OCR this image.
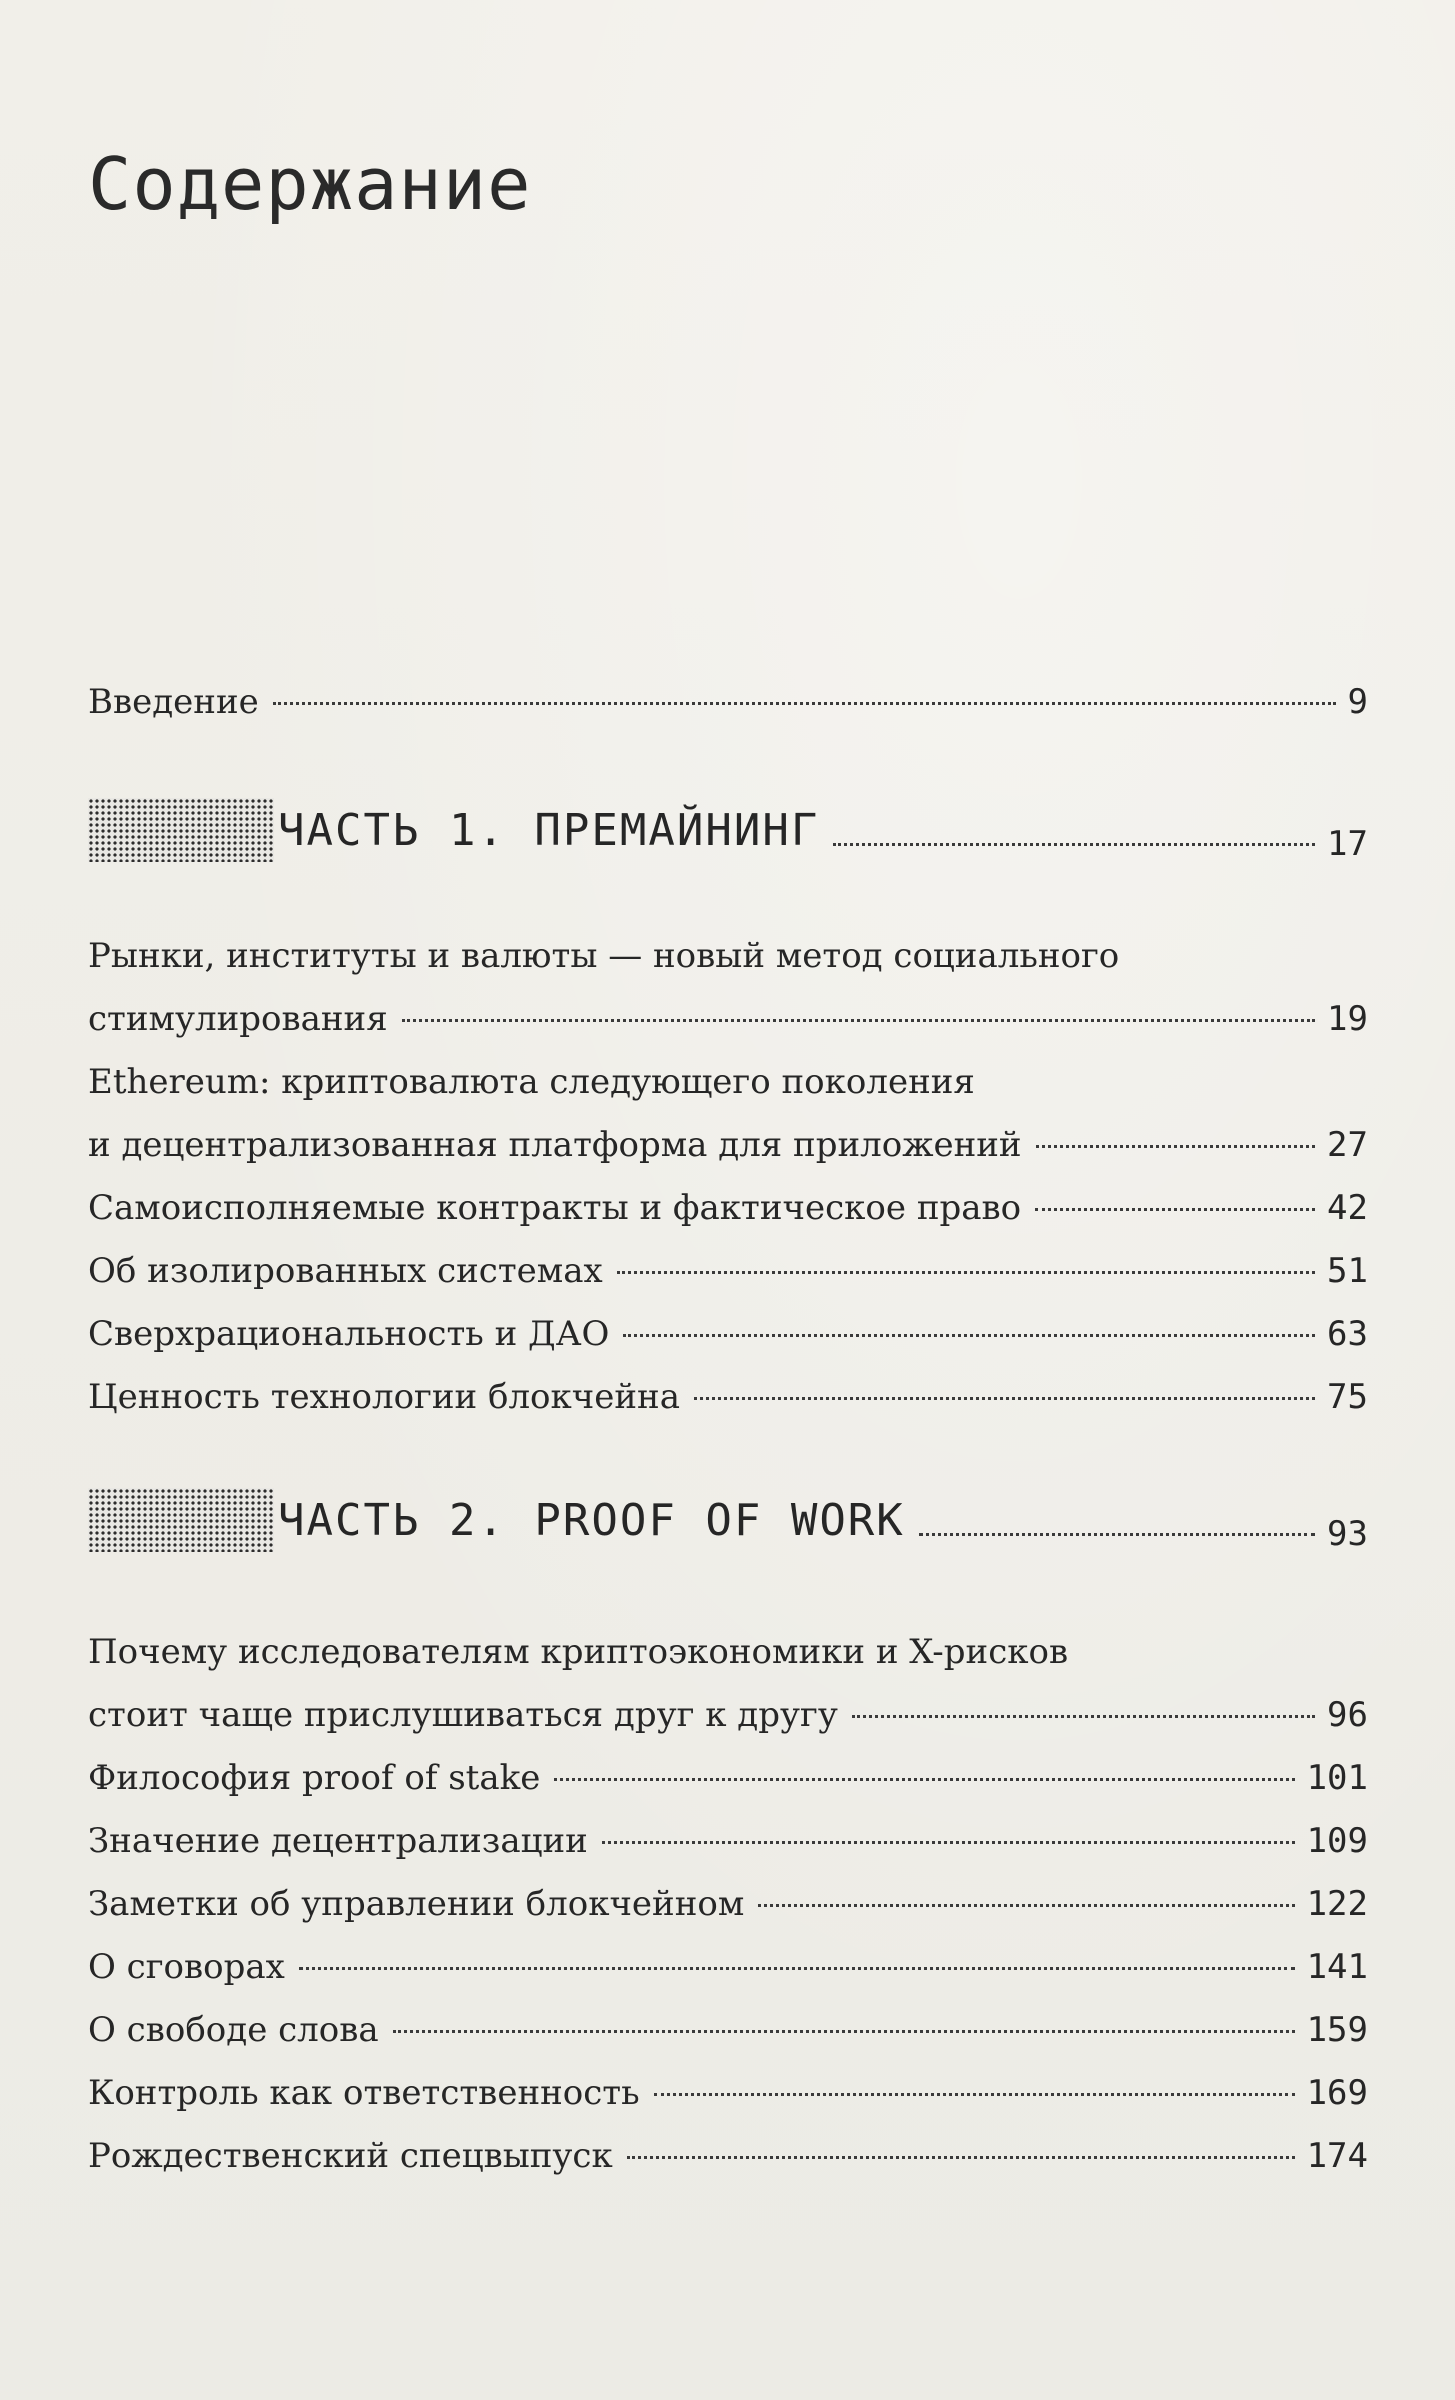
Содержание
Введение	9
ЧАСТЬ 1. ПРЕМАЙНИНГ	17
Рынки, институты и валюты — новый метод социального
стимулирования	19
Ethereum: криптовалюта следующего поколения
и децентрализованная платформа для приложений	27
Самоисполняемые контракты и фактическое право	42
Об изолированных системах	51
Сверхрациональность и ДАО	63
Ценность технологии блокчейна	75
ЧАСТЬ 2. PROOF OF WORK	93
Почему исследователям криптоэкономики и X-рисков
стоит чаще прислушиваться друг к другу	96
Философия proof of stake	101
Значение децентрализации	109
Заметки об управлении блокчейном	122
О сговорах	141
О свободе слова	159
Контроль как ответственность	169
Рождественский спецвыпуск	174
